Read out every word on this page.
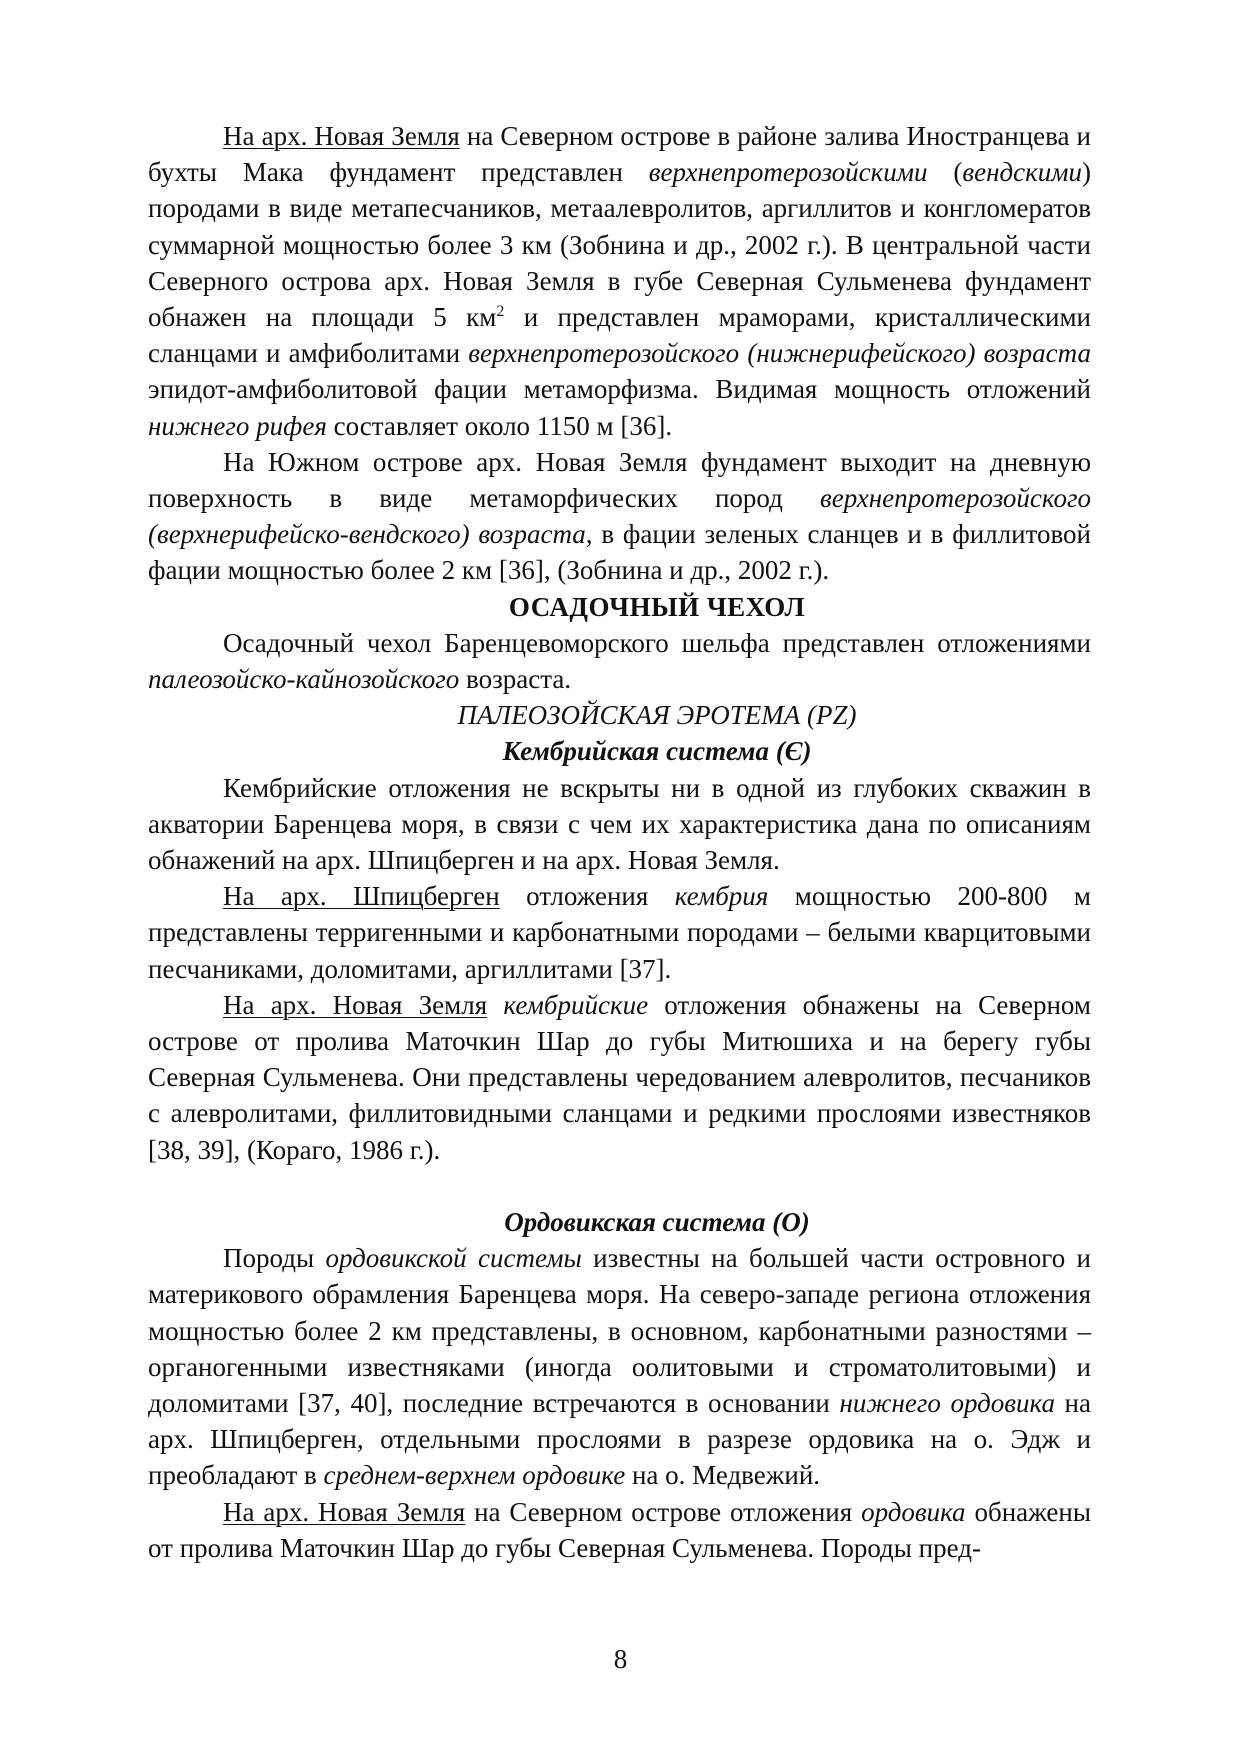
На арх. Новая Земля на Северном острове в районе залива Иностранцева и бухты Мака фундамент представлен верхнепротерозойскими (вендскими) породами в виде метапесчаников, метаалевролитов, аргиллитов и конгломератов суммарной мощностью более 3 км (Зобнина и др., 2002 г.). В центральной части Северного острова арх. Новая Земля в губе Северная Сульменева фундамент обнажен на площади 5 $км^2$ и представлен мраморами, кристаллическими сланцами и амфиболитами верхнепротерозойского (нижнерифейского) возраста эпидот-амфиболитовой фации метаморфизма. Видимая мощность отложений нижнего рифея составляет около 1150 м [36].

На Южном острове арх. Новая Земля фундамент выходит на дневную поверхность в виде метаморфических пород верхнепротерозойского (верхнерифейско-вендского) возраста, в фации зеленых сланцев и в филлитовой фации мощностью более 2 км [36], (Зобнина и др., 2002 г.).

ОСАДОЧНЫЙ ЧЕХОЛ

Осадочный чехол Баренцевоморского шельфа представлен отложениями палеозойско-кайнозойского возраста.

ПАЛЕОЗОЙСКАЯ ЭРОТЕМА (PZ)

Кембрийская система (Є)

Кембрийские отложения не вскрыты ни в одной из глубоких скважин в акватории Баренцева моря, в связи с чем их характеристика дана по описаниям обнажений на арх. Шпицберген и на арх. Новая Земля.

На арх. Шпицберген отложения кембрия мощностью 200-800 м представлены терригенными и карбонатными породами – белыми кварцитовыми песчаниками, доломитами, аргиллитами [37].

На арх. Новая Земля кембрийские отложения обнажены на Северном острове от пролива Маточкин Шар до губы Митюшиха и на берегу губы Северная Сульменева. Они представлены чередованием алевролитов, песчаников с алевролитами, филлитовидными сланцами и редкими прослоями известняков [38, 39], (Кораго, 1986 г.).

Ордовикская система (О)

Породы ордовикской системы известны на большей части островного и материкового обрамления Баренцева моря. На северо-западе региона отложения мощностью более 2 км представлены, в основном, карбонатными разностями – органогенными известняками (иногда оолитовыми и строматолитовыми) и доломитами [37, 40], последние встречаются в основании нижнего ордовика на арх. Шпицберген, отдельными прослоями в разрезе ордовика на о. Эдж и преобладают в среднем-верхнем ордовике на о. Медвежий.

На арх. Новая Земля на Северном острове отложения ордовика обнажены от пролива Маточкин Шар до губы Северная Сульменева. Породы пред-

8
